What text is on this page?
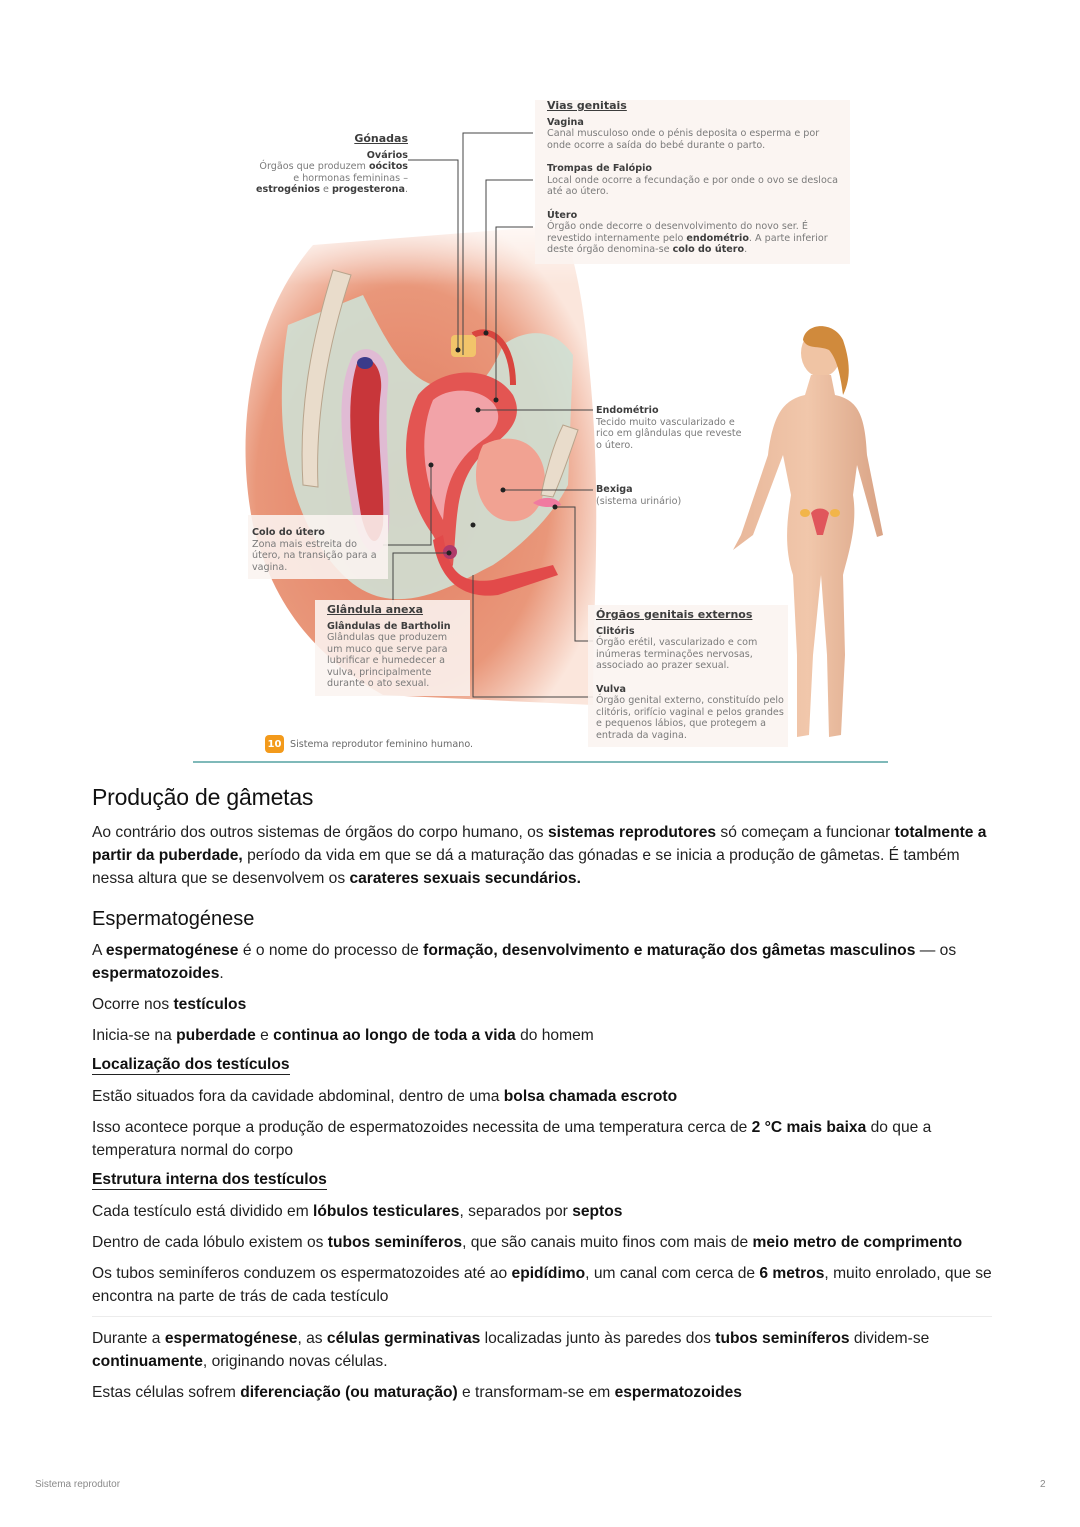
Gónadas
Ovários
Órgãos que produzem oócitos
e hormonas femininas –
estrogénios e progesterona.
Vias genitais
Vagina
Canal musculoso onde o pénis deposita o esperma e por onde ocorre a saída do bebé durante o parto.
Trompas de Falópio
Local onde ocorre a fecundação e por onde o ovo se desloca até ao útero.
Útero
Órgão onde decorre o desenvolvimento do novo ser. É revestido internamente pelo endométrio. A parte inferior deste órgão denomina-se colo do útero.
Endométrio
Tecido muito vascularizado e rico em glândulas que reveste o útero.
Bexiga
(sistema urinário)
Colo do útero
Zona mais estreita do útero, na transição para a vagina.
Glândula anexa
Glândulas de Bartholin
Glândulas que produzem um muco que serve para lubrificar e humedecer a vulva, principalmente durante o ato sexual.
Órgãos genitais externos
Clitóris
Órgão erétil, vascularizado e com inúmeras terminações nervosas, associado ao prazer sexual.
Vulva
Órgão genital externo, constituído pelo clitóris, orifício vaginal e pelos grandes e pequenos lábios, que protegem a entrada da vagina.
10 Sistema reprodutor feminino humano.
Produção de gâmetas

Ao contrário dos outros sistemas de órgãos do corpo humano, os sistemas reprodutores só começam a funcionar totalmente a partir da puberdade, período da vida em que se dá a maturação das gónadas e se inicia a produção de gâmetas. É também nessa altura que se desenvolvem os carateres sexuais secundários.

Espermatogénese

A espermatogénese é o nome do processo de formação, desenvolvimento e maturação dos gâmetas masculinos — os espermatozoides.

Ocorre nos testículos

Inicia-se na puberdade e continua ao longo de toda a vida do homem

Localização dos testículos

Estão situados fora da cavidade abdominal, dentro de uma bolsa chamada escroto

Isso acontece porque a produção de espermatozoides necessita de uma temperatura cerca de 2 °C mais baixa do que a temperatura normal do corpo

Estrutura interna dos testículos

Cada testículo está dividido em lóbulos testiculares, separados por septos

Dentro de cada lóbulo existem os tubos seminíferos, que são canais muito finos com mais de meio metro de comprimento

Os tubos seminíferos conduzem os espermatozoides até ao epidídimo, um canal com cerca de 6 metros, muito enrolado, que se encontra na parte de trás de cada testículo

Durante a espermatogénese, as células germinativas localizadas junto às paredes dos tubos seminíferos dividem-se continuamente, originando novas células.

Estas células sofrem diferenciação (ou maturação) e transformam-se em espermatozoides

Sistema reprodutor	2
